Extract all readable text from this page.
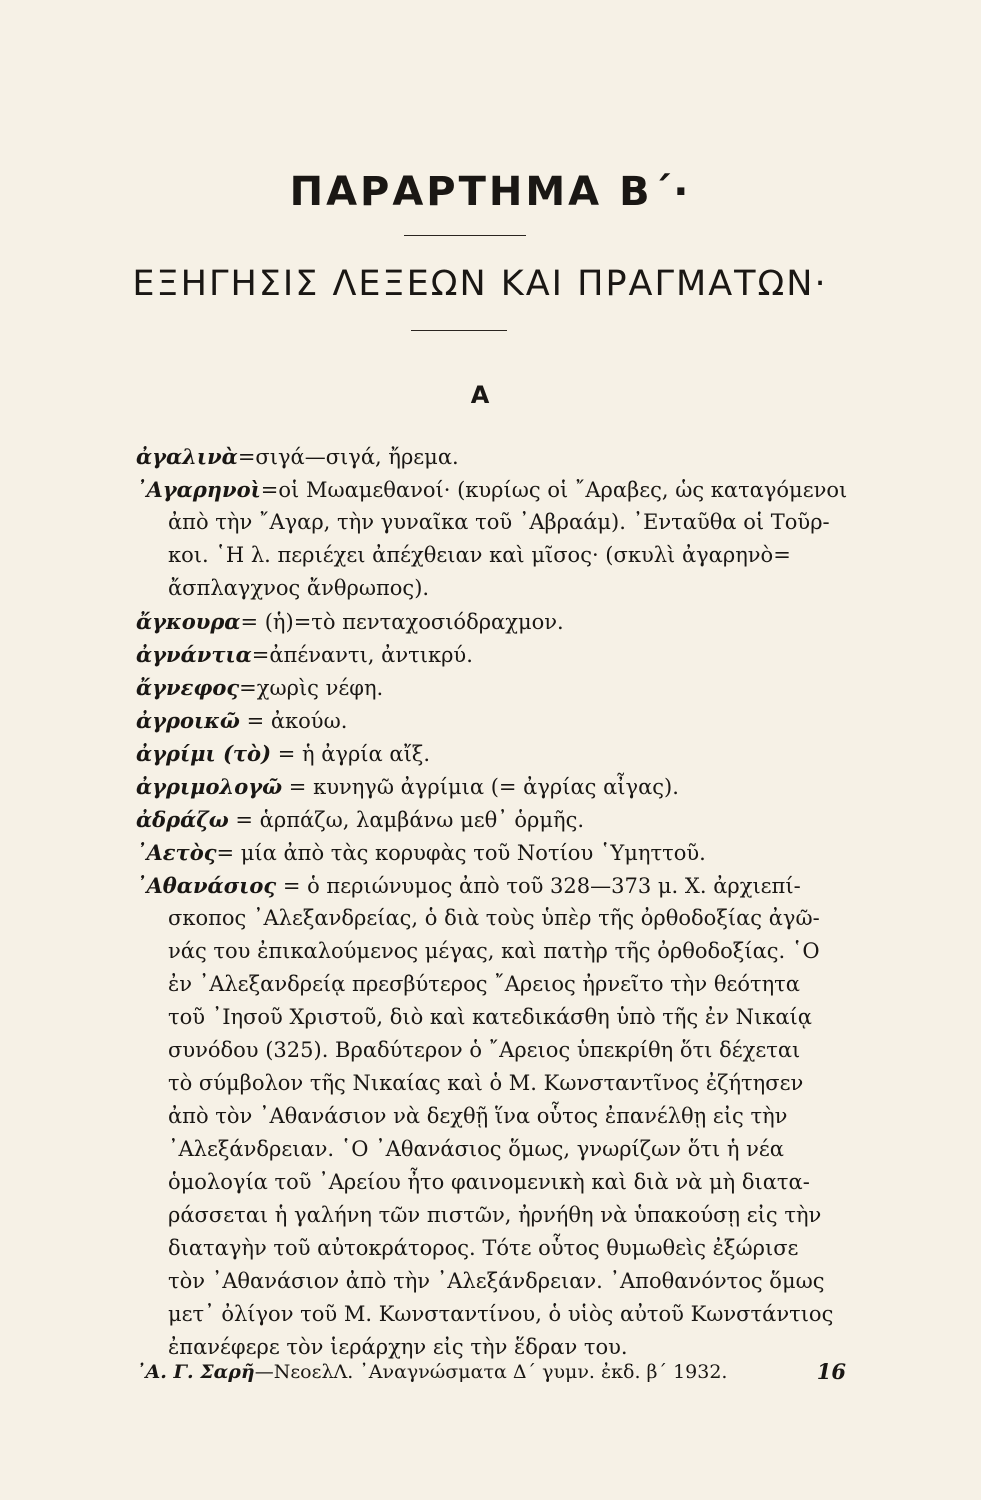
ΠΑΡΑΡΤΗΜΑ Β΄·
ΕΞΗΓΗΣΙΣ ΛΕΞΕΩΝ ΚΑΙ ΠΡΑΓΜΑΤΩΝ·
Α
ἀγαλινὰ=σιγά—σιγά, ἤρεμα.
᾿Αγαρηνοὶ=οἱ Μωαμεθανοί· (κυρίως οἱ ῎Αραβες, ὡς καταγόμενοι
ἀπὸ τὴν ῎Αγαρ, τὴν γυναῖκα τοῦ ᾿Αβραάμ). ᾿Ενταῦθα οἱ Τοῦρ-
κοι. ῾Η λ. περιέχει ἀπέχθειαν καὶ μῖσος· (σκυλὶ ἀγαρηνὸ=
ἄσπλαγχνος ἄνθρωπος).
ἄγκουρα= (ἡ)=τὸ πενταχοσιόδραχμον.
ἀγνάντια=ἀπέναντι, ἀντικρύ.
ἄγνεφος=χωρὶς νέφη.
ἀγροικῶ = ἀκούω.
ἀγρίμι (τὸ) = ἡ ἀγρία αἴξ.
ἀγριμολογῶ = κυνηγῶ ἀγρίμια (= ἀγρίας αἶγας).
ἀδράζω = ἁρπάζω, λαμβάνω μεθ᾿ ὁρμῆς.
᾿Αετὸς= μία ἀπὸ τὰς κορυφὰς τοῦ Νοτίου ῾Υμηττοῦ.
᾿Αθανάσιος = ὁ περιώνυμος ἀπὸ τοῦ 328—373 μ. Χ. ἀρχιεπί-
σκοπος ᾿Αλεξανδρείας, ὁ διὰ τοὺς ὑπὲρ τῆς ὀρθοδοξίας ἀγῶ-
νάς του ἐπικαλούμενος μέγας, καὶ πατὴρ τῆς ὀρθοδοξίας. ῾Ο
ἐν ᾿Αλεξανδρείᾳ πρεσβύτερος ῎Αρειος ἠρνεῖτο τὴν θεότητα
τοῦ ᾿Ιησοῦ Χριστοῦ, διὸ καὶ κατεδικάσθη ὑπὸ τῆς ἐν Νικαίᾳ
συνόδου (325). Βραδύτερον ὁ ῎Αρειος ὑπεκρίθη ὅτι δέχεται
τὸ σύμβολον τῆς Νικαίας καὶ ὁ Μ. Κωνσταντῖνος ἐζήτησεν
ἀπὸ τὸν ᾿Αθανάσιον νὰ δεχθῇ ἵνα οὗτος ἐπανέλθῃ εἰς τὴν
᾿Αλεξάνδρειαν. ῾Ο ᾿Αθανάσιος ὅμως, γνωρίζων ὅτι ἡ νέα
ὁμολογία τοῦ ᾿Αρείου ἦτο φαινομενικὴ καὶ διὰ νὰ μὴ διατα-
ράσσεται ἡ γαλήνη τῶν πιστῶν, ἠρνήθη νὰ ὑπακούσῃ εἰς τὴν
διαταγὴν τοῦ αὐτοκράτορος. Τότε οὗτος θυμωθεὶς ἐξώρισε
τὸν ᾿Αθανάσιον ἀπὸ τὴν ᾿Αλεξάνδρειαν. ᾿Αποθανόντος ὅμως
μετ᾿ ὀλίγον τοῦ Μ. Κωνσταντίνου, ὁ υἱὸς αὐτοῦ Κωνστάντιος
ἐπανέφερε τὸν ἱεράρχην εἰς τὴν ἕδραν του.
᾿Α. Γ. Σαρῆ—ΝεοελΛ. ᾿Αναγνώσματα Δ΄ γυμν. ἐκδ. β΄ 1932.	16
